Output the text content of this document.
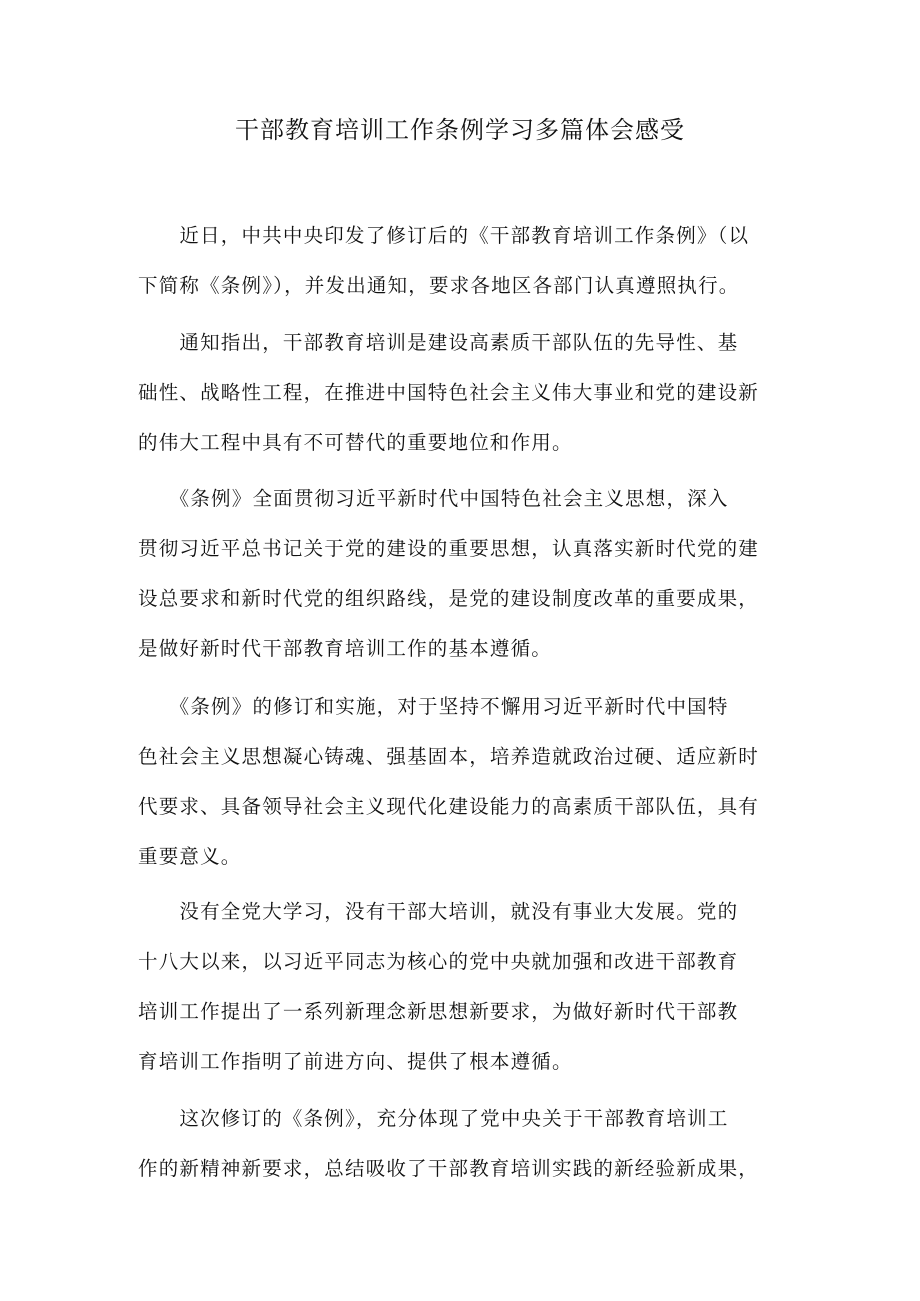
干部教育培训工作条例学习多篇体会感受

　　近日，中共中央印发了修订后的《干部教育培训工作条例》（以
下简称《条例》），并发出通知，要求各地区各部门认真遵照执行。

　　通知指出，干部教育培训是建设高素质干部队伍的先导性、基
础性、战略性工程，在推进中国特色社会主义伟大事业和党的建设新
的伟大工程中具有不可替代的重要地位和作用。

　　《条例》全面贯彻习近平新时代中国特色社会主义思想，深入
贯彻习近平总书记关于党的建设的重要思想，认真落实新时代党的建
设总要求和新时代党的组织路线，是党的建设制度改革的重要成果，
是做好新时代干部教育培训工作的基本遵循。

　　《条例》的修订和实施，对于坚持不懈用习近平新时代中国特
色社会主义思想凝心铸魂、强基固本，培养造就政治过硬、适应新时
代要求、具备领导社会主义现代化建设能力的高素质干部队伍，具有
重要意义。

　　没有全党大学习，没有干部大培训，就没有事业大发展。党的
十八大以来，以习近平同志为核心的党中央就加强和改进干部教育
培训工作提出了一系列新理念新思想新要求，为做好新时代干部教
育培训工作指明了前进方向、提供了根本遵循。

　　这次修订的《条例》，充分体现了党中央关于干部教育培训工
作的新精神新要求，总结吸收了干部教育培训实践的新经验新成果，
